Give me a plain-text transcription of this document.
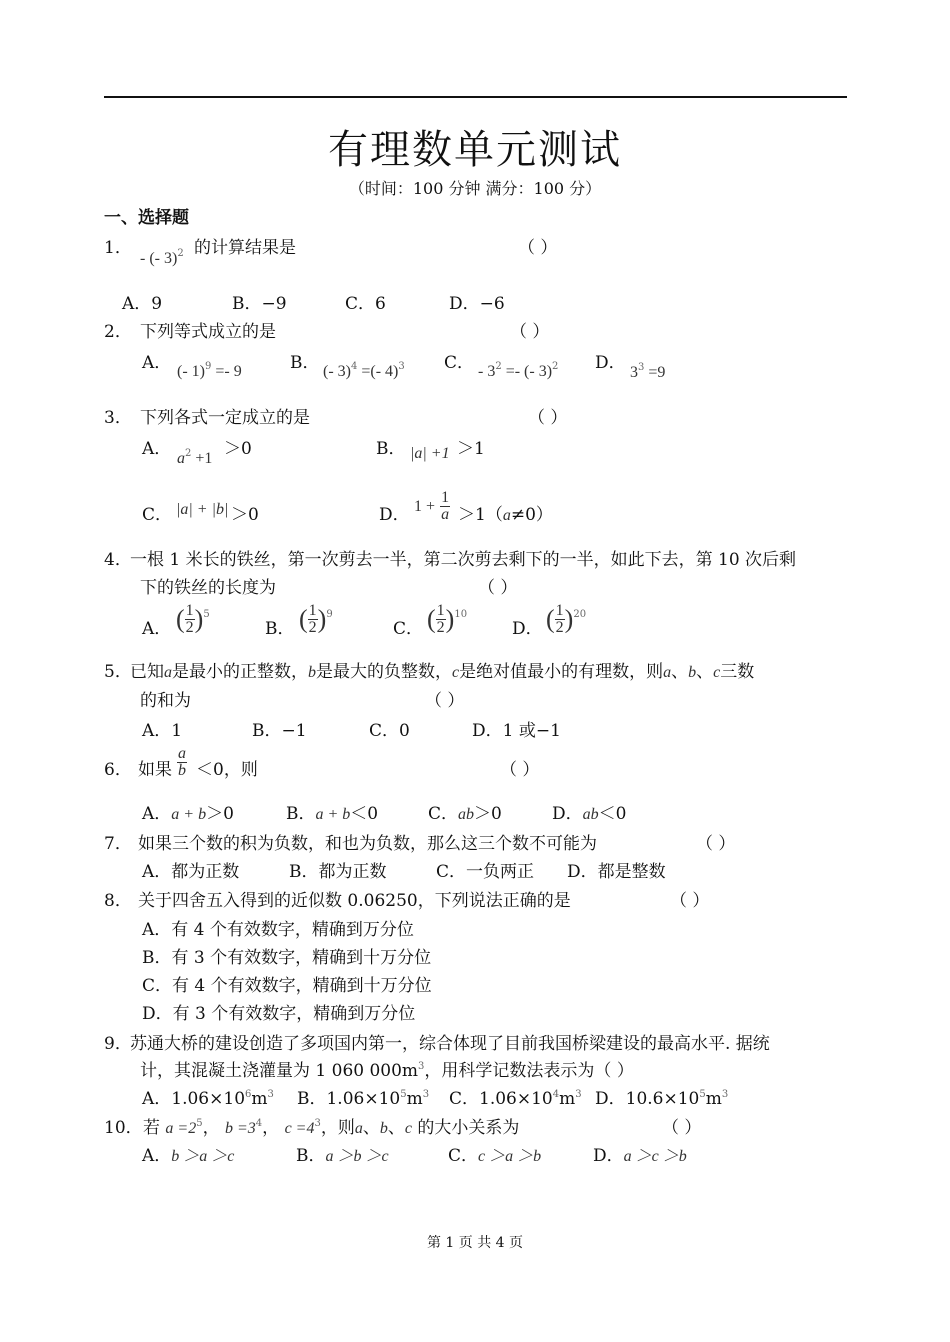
有理数单元测试
（时间：100 分钟 满分：100 分）
一、选择题
1．
- (- 3)$^2$ 的计算结果是	（ ）
A．9	B．−9	C．6	D．−6
2． 下列等式成立的是	（ ）
A． (- 1)$^9$ =- 9	B． (- 3)$^4$ =(- 4)$^3$ C． - $3^2$ =- (- 3)$^2$ D． $3^3 =9$
3． 下列各式一定成立的是	（ ）
A． $a^2 +1 >0$	B． |a| +1 ＞1
C． |a| + |b| ＞0	D． $1 + \frac{1}{a} >1(a\ne 0)$
4．
一根 1 米长的铁丝，第一次剪去一半，第二次剪去剩下的一半，如此下去，第 10 次后剩
下的铁丝的长度为	（ ）
A． ( $\frac{1}{2} )^5$
B． ( $\frac{1}{2} )^9$
C． ( $\frac{1}{2} )^{10}$
D． ( $\frac{1}{2} )^{20}$
5．
已知a是最小的正整数，b是最大的负整数，c是绝对值最小的有理数，则a、b、c三数
的和为	（ ）
A．1	B．−1	C．0	D．1 或−1
6． 如果 $\frac{a}{b} <0$，则	（ ）
A．a + b＞0	B．a + b＜0	C．ab＞0	D．ab＜0
7． 如果三个数的积为负数，和也为负数，那么这三个数不可能为	（ ）
A．都为正数	B．都为正数	C．一负两正 D．都是整数
8． 关于四舍五入得到的近似数 0.06250，下列说法正确的是	（ ）
A．有 4 个有效数字，精确到万分位
B．有 3 个有效数字，精确到十万分位
C．有 4 个有效数字，精确到十万分位
D．有 3 个有效数字，精确到万分位
9．
苏通大桥的建设创造了多项国内第一，综合体现了目前我国桥梁建设的最高水平. 据统
计，其混凝土浇灌量为 1 060 $000m^3$，用科学记数法表示为（ ）
A．$1.06\times 10^6m^3$ B．$1.06\times 10^5m^3$ C．$1.06\times 10^4m^3$ D．$10.6\times 10^5m^3$
10． 若 $a =2^5$， $b =3^4$， $c =4^3$，则a、b、c 的大小关系为	（ ）
A．b ＞a ＞c	B．a ＞b ＞c	C．c ＞a ＞b	D．a ＞c ＞b
第 1 页 共 4 页
